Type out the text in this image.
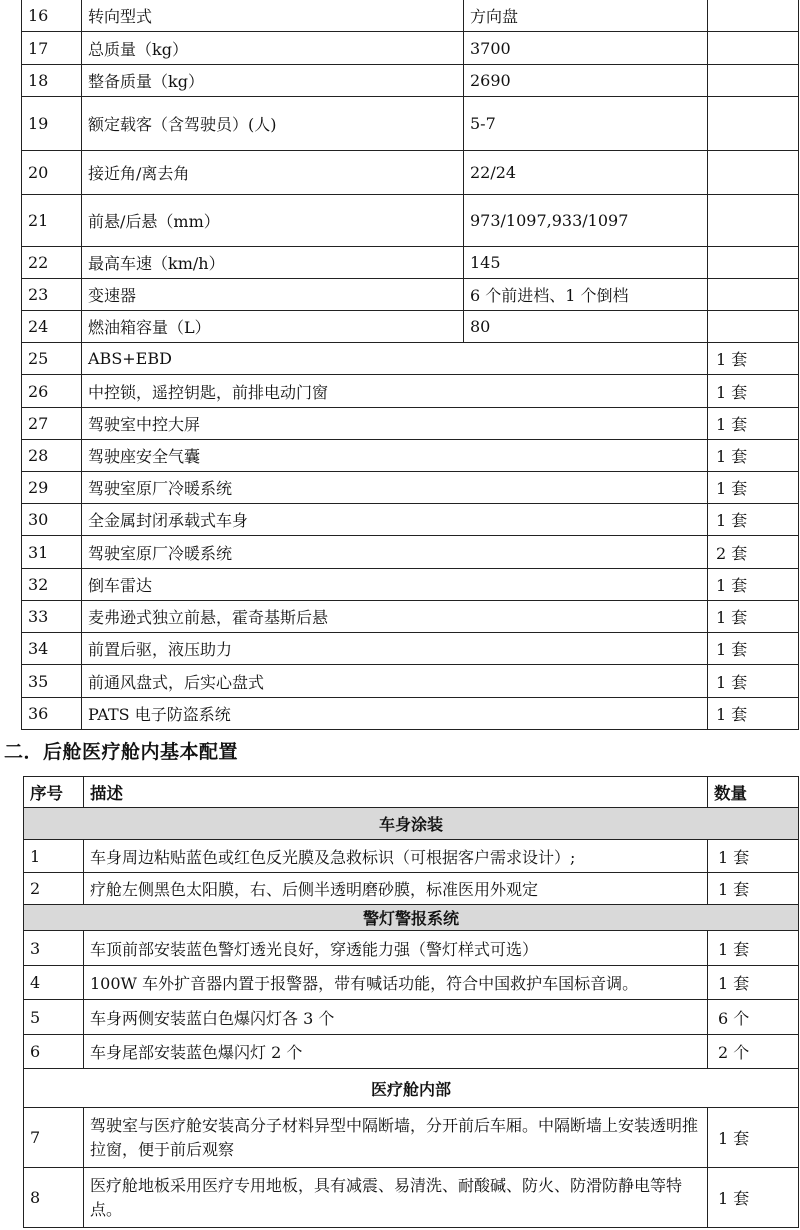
16	转向型式	方向盘	
17	总质量（kg）	3700	
18	整备质量（kg）	2690	
19	额定载客（含驾驶员）(人)	5-7	
20	接近角/离去角	22/24	
21	前悬/后悬（mm）	973/1097,933/1097	
22	最高车速（km/h）	145	
23	变速器	6 个前进档、1 个倒档	
24	燃油箱容量（L）	80	
25	ABS+EBD		1 套
26	中控锁，遥控钥匙，前排电动门窗		1 套
27	驾驶室中控大屏		1 套
28	驾驶座安全气囊		1 套
29	驾驶室原厂冷暖系统		1 套
30	全金属封闭承载式车身		1 套
31	驾驶室原厂冷暖系统		2 套
32	倒车雷达		1 套
33	麦弗逊式独立前悬，霍奇基斯后悬		1 套
34	前置后驱，液压助力		1 套
35	前通风盘式，后实心盘式		1 套
36	PATS 电子防盗系统		1 套
二．后舱医疗舱内基本配置
序号	描述	数量
车身涂装		
1	车身周边粘贴蓝色或红色反光膜及急救标识（可根据客户需求设计）;	1 套
2	疗舱左侧黑色太阳膜，右、后侧半透明磨砂膜，标准医用外观定	1 套
警灯警报系统		
3	车顶前部安装蓝色警灯透光良好，穿透能力强（警灯样式可选）	1 套
4	100W 车外扩音器内置于报警器，带有喊话功能，符合中国救护车国标音调。	1 套
5	车身两侧安装蓝白色爆闪灯各 3 个	6 个
6	车身尾部安装蓝色爆闪灯 2 个	2 个
医疗舱内部		
7	驾驶室与医疗舱安装高分子材料异型中隔断墙，分开前后车厢。中隔断墙上安装透明推拉窗，便于前后观察	1 套
8	医疗舱地板采用医疗专用地板，具有减震、易清洗、耐酸碱、防火、防滑防静电等特点。	1 套
